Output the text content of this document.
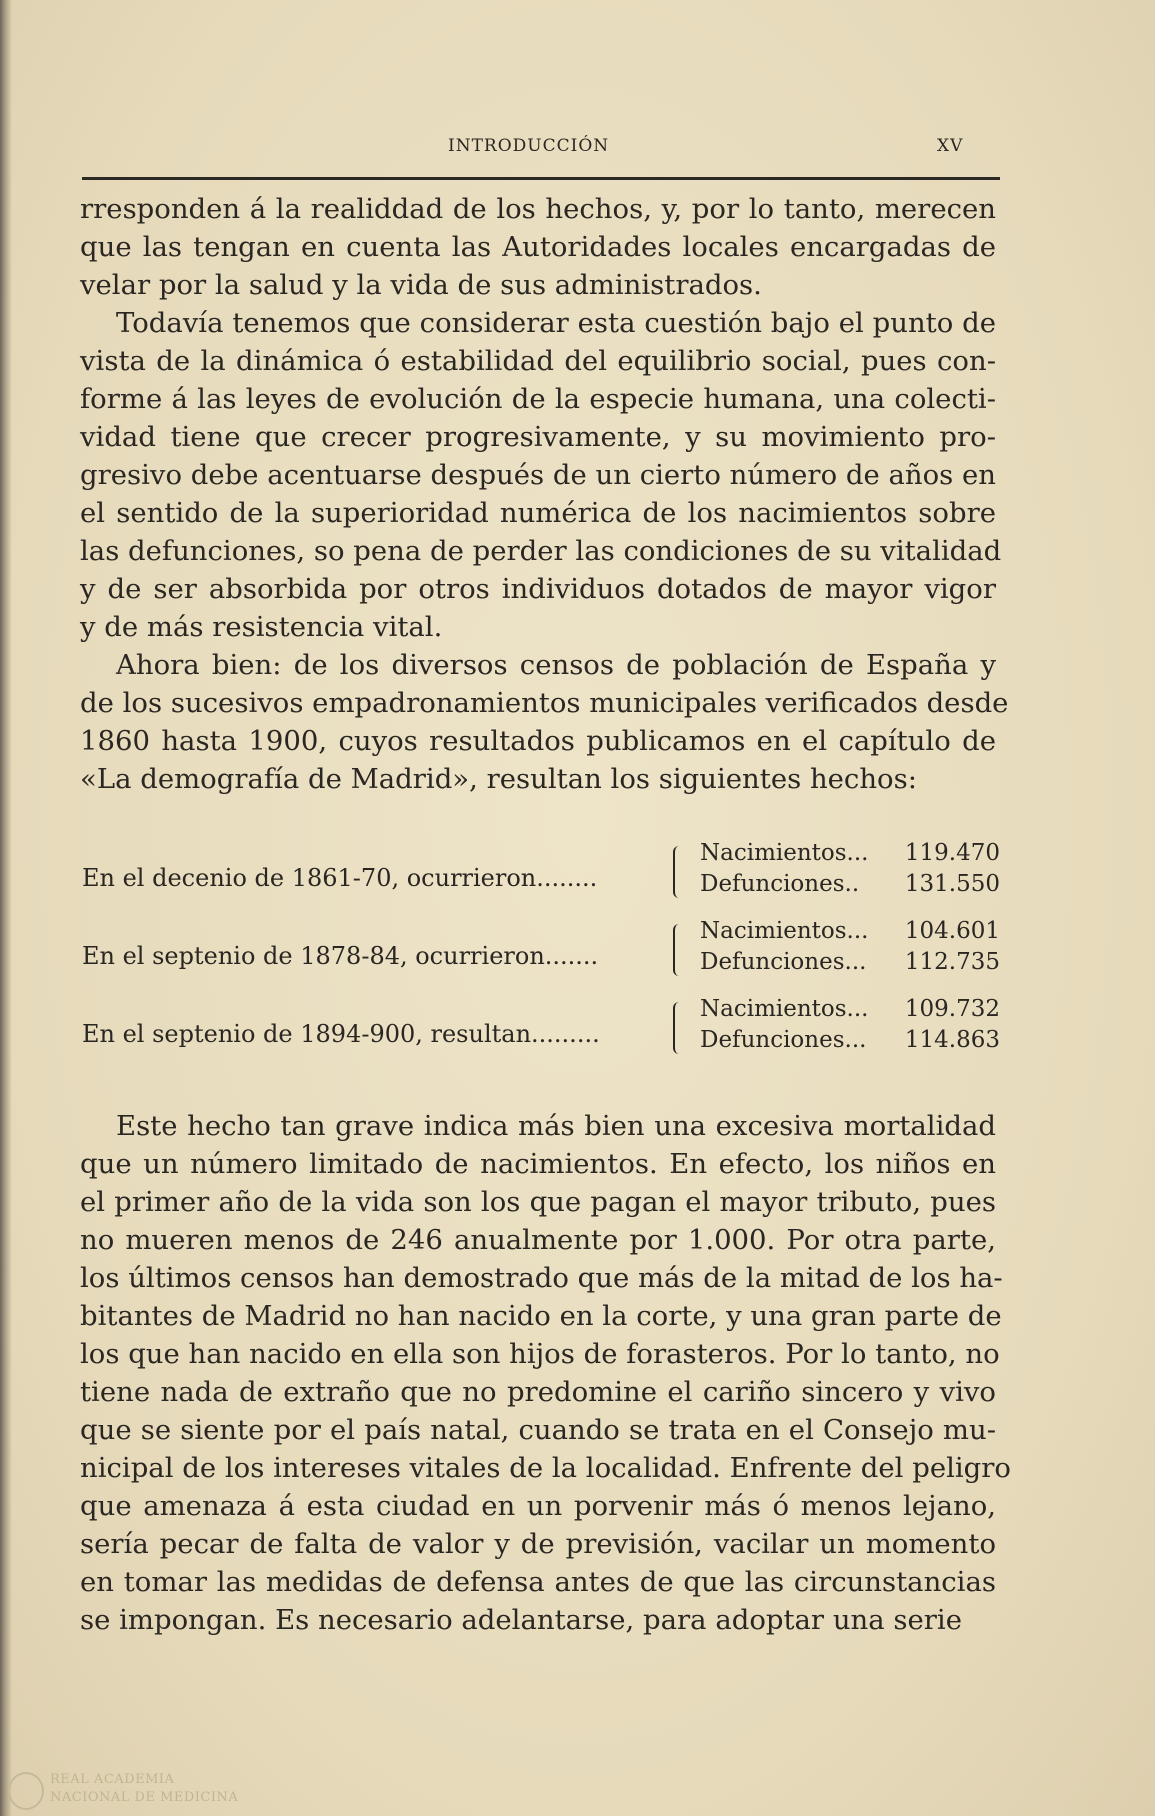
INTRODUCCIÓN	XV
rresponden á la realiddad de los hechos, y, por lo tanto, merecen
que las tengan en cuenta las Autoridades locales encargadas de
velar por la salud y la vida de sus administrados.
Todavía tenemos que considerar esta cuestión bajo el punto de
vista de la dinámica ó estabilidad del equilibrio social, pues con-
forme á las leyes de evolución de la especie humana, una colecti-
vidad tiene que crecer progresivamente, y su movimiento pro-
gresivo debe acentuarse después de un cierto número de años en
el sentido de la superioridad numérica de los nacimientos sobre
las defunciones, so pena de perder las condiciones de su vitalidad
y de ser absorbida por otros individuos dotados de mayor vigor
y de más resistencia vital.
Ahora bien: de los diversos censos de población de España y
de los sucesivos empadronamientos municipales verificados desde
1860 hasta 1900, cuyos resultados publicamos en el capítulo de
«La demografía de Madrid», resultan los siguientes hechos:
En el decenio de 1861-70, ocurrieron........
Nacimientos... 119.470
Defunciones.. 131.550
En el septenio de 1878-84, ocurrieron.......
Nacimientos... 104.601
Defunciones... 112.735
En el septenio de 1894-900, resultan.........
Nacimientos... 109.732
Defunciones... 114.863
Este hecho tan grave indica más bien una excesiva mortalidad
que un número limitado de nacimientos. En efecto, los niños en
el primer año de la vida son los que pagan el mayor tributo, pues
no mueren menos de 246 anualmente por 1.000. Por otra parte,
los últimos censos han demostrado que más de la mitad de los ha-
bitantes de Madrid no han nacido en la corte, y una gran parte de
los que han nacido en ella son hijos de forasteros. Por lo tanto, no
tiene nada de extraño que no predomine el cariño sincero y vivo
que se siente por el país natal, cuando se trata en el Consejo mu-
nicipal de los intereses vitales de la localidad. Enfrente del peligro
que amenaza á esta ciudad en un porvenir más ó menos lejano,
sería pecar de falta de valor y de previsión, vacilar un momento
en tomar las medidas de defensa antes de que las circunstancias
se impongan. Es necesario adelantarse, para adoptar una serie
REAL ACADEMIA
NACIONAL DE MEDICINA
